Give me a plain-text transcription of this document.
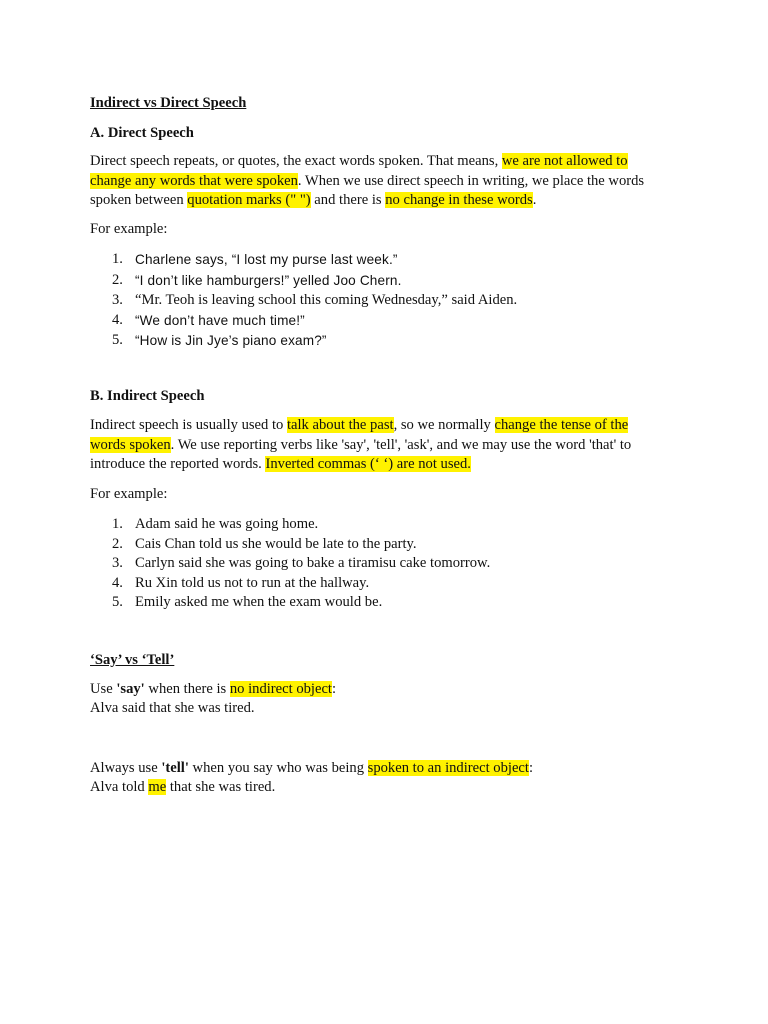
Indirect vs Direct Speech
A. Direct Speech
Direct speech repeats, or quotes, the exact words spoken. That means, we are not allowed to
change any words that were spoken. When we use direct speech in writing, we place the words
spoken between quotation marks (" ") and there is no change in these words.
For example:
1. Charlene says, “I lost my purse last week.”
2. “I don’t like hamburgers!” yelled Joo Chern.
3. “Mr. Teoh is leaving school this coming Wednesday,” said Aiden.
4. “We don’t have much time!”
5. “How is Jin Jye’s piano exam?”
B. Indirect Speech
Indirect speech is usually used to talk about the past, so we normally change the tense of the
words spoken. We use reporting verbs like 'say', 'tell', 'ask', and we may use the word 'that' to
introduce the reported words. Inverted commas (‘ ‘) are not used.
For example:
1. Adam said he was going home.
2. Cais Chan told us she would be late to the party.
3. Carlyn said she was going to bake a tiramisu cake tomorrow.
4. Ru Xin told us not to run at the hallway.
5. Emily asked me when the exam would be.
‘Say’ vs ‘Tell’
Use 'say' when there is no indirect object:
Alva said that she was tired.
Always use 'tell' when you say who was being spoken to an indirect object:
Alva told me that she was tired.
